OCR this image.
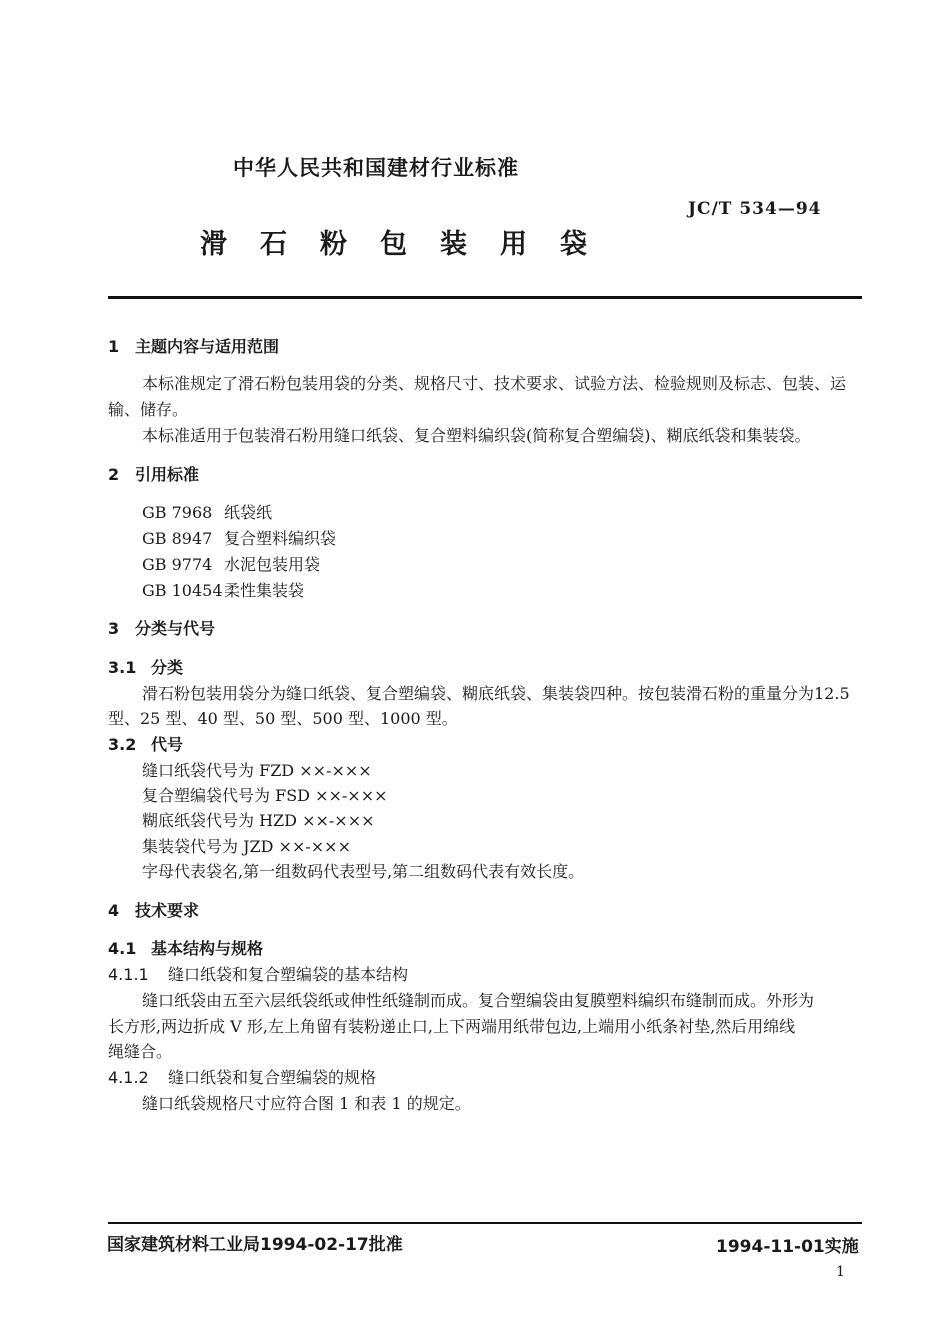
中华人民共和国建材行业标准
JC/T 534—94
滑石粉包装用袋
1 主题内容与适用范围
本标准规定了滑石粉包装用袋的分类、规格尺寸、技术要求、试验方法、检验规则及标志、包装、运
输、储存。
本标准适用于包装滑石粉用缝口纸袋、复合塑料编织袋(简称复合塑编袋)、糊底纸袋和集装袋。
2 引用标准
GB 7968 纸袋纸
GB 8947 复合塑料编织袋
GB 9774 水泥包装用袋
GB 10454柔性集装袋
3 分类与代号
3.1 分类
滑石粉包装用袋分为缝口纸袋、复合塑编袋、糊底纸袋、集装袋四种。按包装滑石粉的重量分为12.5
型、25 型、40 型、50 型、500 型、1000 型。
3.2 代号
缝口纸袋代号为 FZD ××-×××
复合塑编袋代号为 FSD ××-×××
糊底纸袋代号为 HZD ××-×××
集装袋代号为 JZD ××-×××
字母代表袋名,第一组数码代表型号,第二组数码代表有效长度。
4 技术要求
4.1 基本结构与规格
4.1.1 缝口纸袋和复合塑编袋的基本结构
缝口纸袋由五至六层纸袋纸或伸性纸缝制而成。复合塑编袋由复膜塑料编织布缝制而成。外形为
长方形,两边折成 V 形,左上角留有装粉递止口,上下两端用纸带包边,上端用小纸条衬垫,然后用绵线
绳缝合。
4.1.2 缝口纸袋和复合塑编袋的规格
缝口纸袋规格尺寸应符合图 1 和表 1 的规定。
国家建筑材料工业局1994-02-17批准	1994-11-01实施
1
